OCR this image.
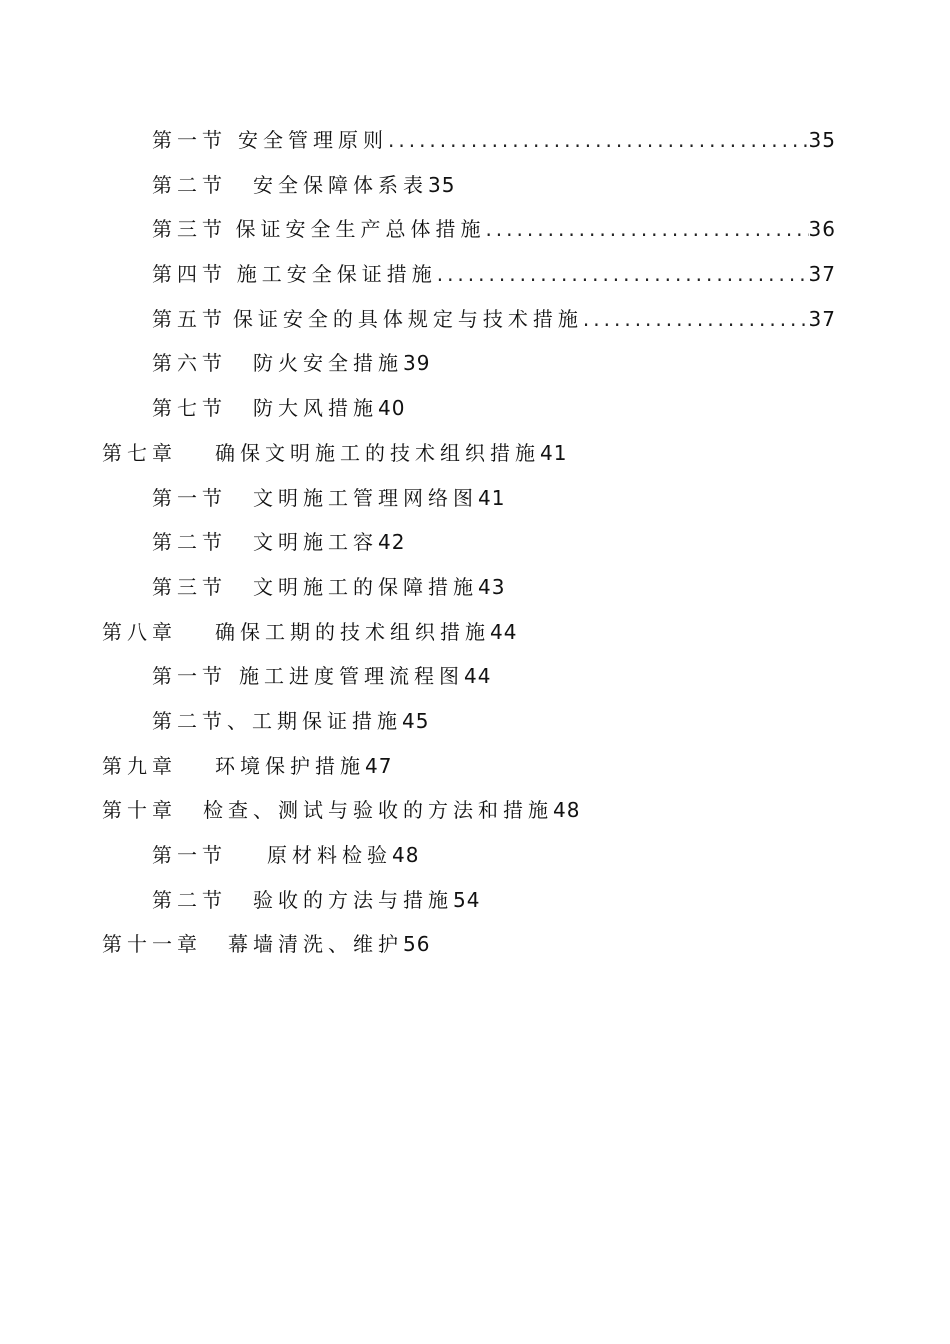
第一节 安全管理原则 .....	35
第二节 安全保障体系表35
第三节 保证安全生产总体措施 .....	36
第四节 施工安全保证措施 .....	37
第五节 保证安全的具体规定与技术措施 .....	37
第六节 防火安全措施39
第七节 防大风措施40
第七章 确保文明施工的技术组织措施41
第一节 文明施工管理网络图41
第二节 文明施工容42
第三节 文明施工的保障措施43
第八章 确保工期的技术组织措施44
第一节 施工进度管理流程图44
第二节、工期保证措施45
第九章 环境保护措施47
第十章 检查、测试与验收的方法和措施48
第一节 原材料检验48
第二节 验收的方法与措施54
第十一章 幕墙清洗、维护56
